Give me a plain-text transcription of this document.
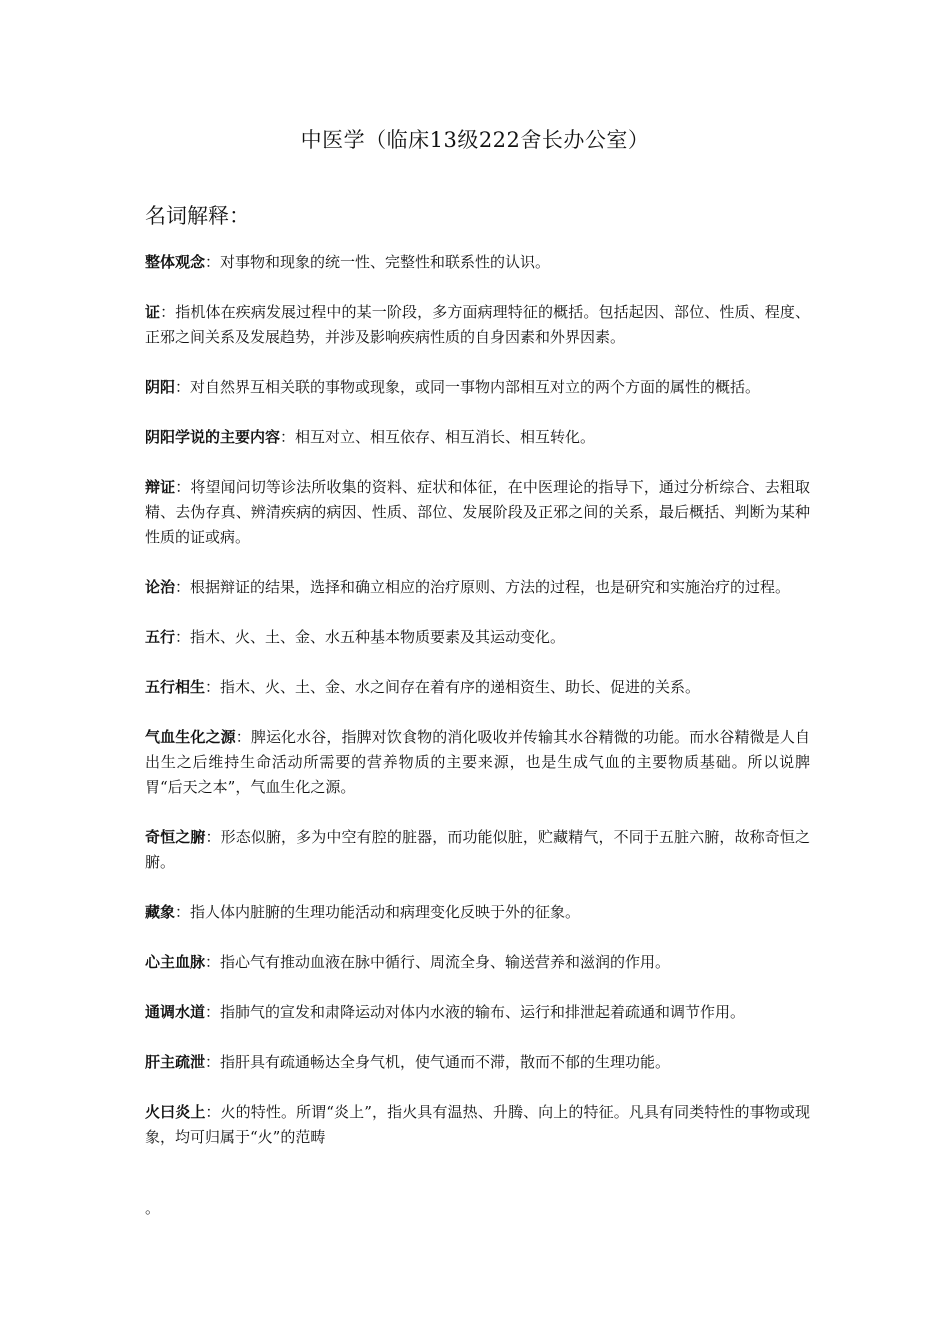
中医学（临床13级222舍长办公室）
名词解释：
整体观念：对事物和现象的统一性、完整性和联系性的认识。
证：指机体在疾病发展过程中的某一阶段，多方面病理特征的概括。包括起因、部位、性质、程度、正邪之间关系及发展趋势，并涉及影响疾病性质的自身因素和外界因素。
阴阳：对自然界互相关联的事物或现象，或同一事物内部相互对立的两个方面的属性的概括。
阴阳学说的主要内容：相互对立、相互依存、相互消长、相互转化。
辩证：将望闻问切等诊法所收集的资料、症状和体征，在中医理论的指导下，通过分析综合、去粗取精、去伪存真、辨清疾病的病因、性质、部位、发展阶段及正邪之间的关系，最后概括、判断为某种性质的证或病。
论治：根据辩证的结果，选择和确立相应的治疗原则、方法的过程，也是研究和实施治疗的过程。
五行：指木、火、土、金、水五种基本物质要素及其运动变化。
五行相生：指木、火、土、金、水之间存在着有序的递相资生、助长、促进的关系。
气血生化之源：脾运化水谷，指脾对饮食物的消化吸收并传输其水谷精微的功能。而水谷精微是人自出生之后维持生命活动所需要的营养物质的主要来源，也是生成气血的主要物质基础。所以说脾胃“后天之本”，气血生化之源。
奇恒之腑：形态似腑，多为中空有腔的脏器，而功能似脏，贮藏精气，不同于五脏六腑，故称奇恒之腑。
藏象：指人体内脏腑的生理功能活动和病理变化反映于外的征象。
心主血脉：指心气有推动血液在脉中循行、周流全身、输送营养和滋润的作用。
通调水道：指肺气的宣发和肃降运动对体内水液的输布、运行和排泄起着疏通和调节作用。
肝主疏泄：指肝具有疏通畅达全身气机，使气通而不滞，散而不郁的生理功能。
火曰炎上：火的特性。所谓“炎上”，指火具有温热、升腾、向上的特征。凡具有同类特性的事物或现象，均可归属于“火”的范畴
。
